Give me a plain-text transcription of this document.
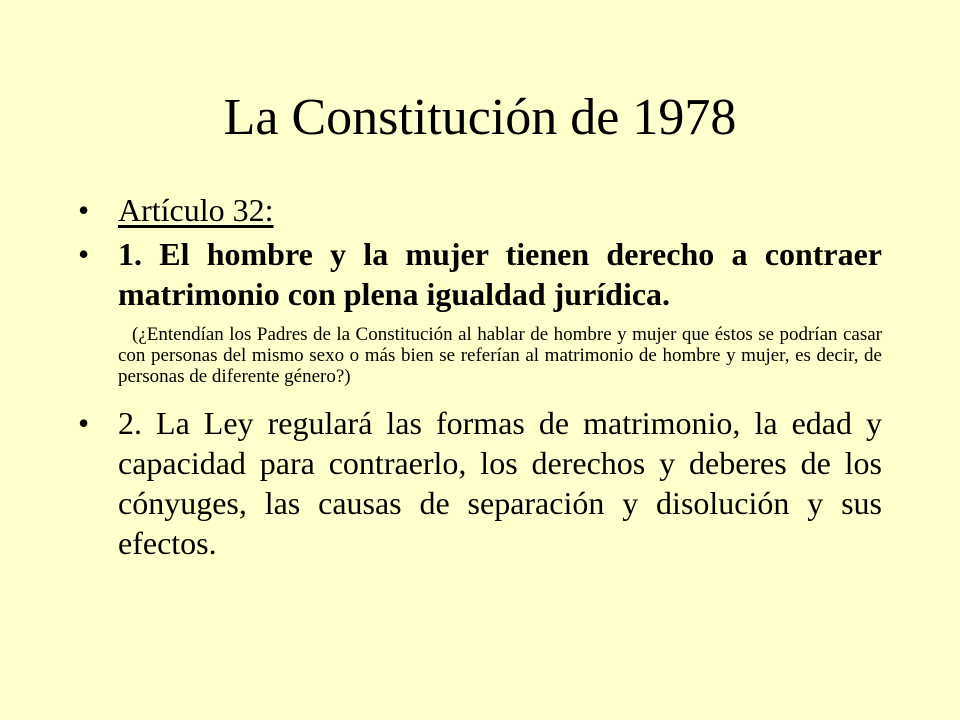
La Constitución de 1978
• Artículo 32:
• 1. El hombre y la mujer tienen derecho a contraer matrimonio con plena igualdad jurídica.
(¿Entendían los Padres de la Constitución al hablar de hombre y mujer que éstos se podrían casar con personas del mismo sexo o más bien se referían al matrimonio de hombre y mujer, es decir, de personas de diferente género?)
• 2. La Ley regulará las formas de matrimonio, la edad y capacidad para contraerlo, los derechos y deberes de los cónyuges, las causas de separación y disolución y sus efectos.
